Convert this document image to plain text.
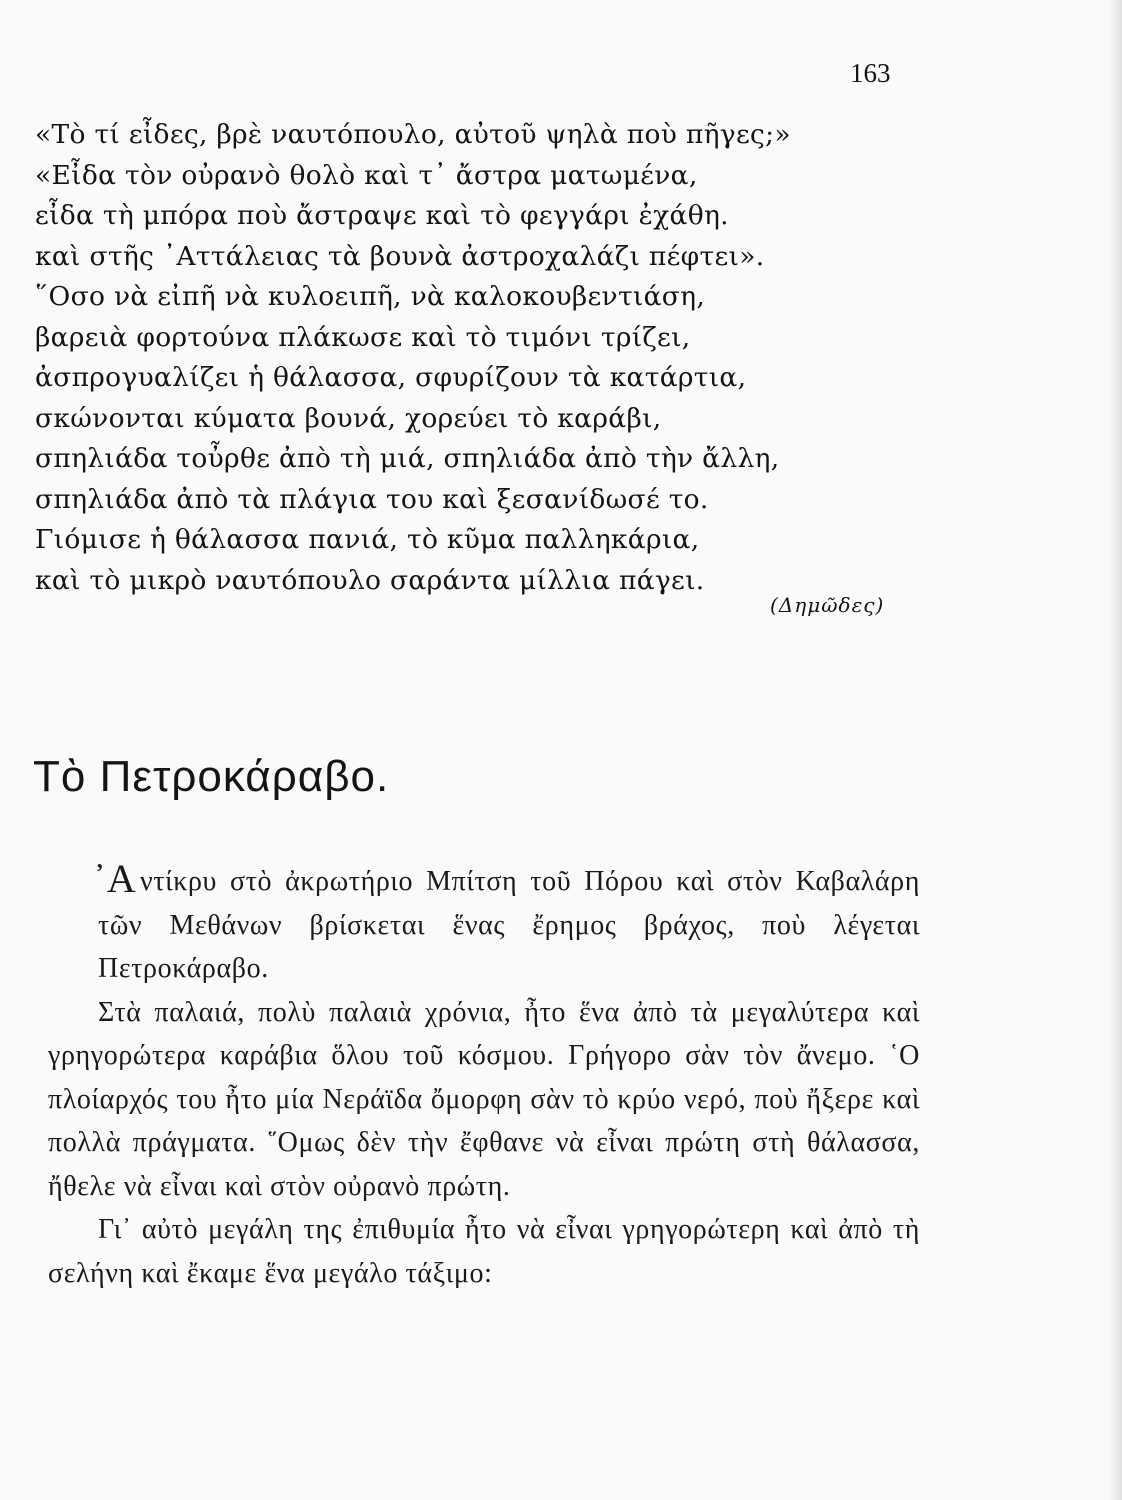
163
«Τὸ τί εἶδες, βρὲ ναυτόπουλο, αὐτοῦ ψηλὰ ποὺ πῆγες;»
«Εἶδα τὸν οὐρανὸ θολὸ καὶ τ᾿ ἄστρα ματωμένα,
εἶδα τὴ μπόρα ποὺ ἄστραψε καὶ τὸ φεγγάρι ἐχάθη.
καὶ στῆς ᾿Αττάλειας τὰ βουνὰ ἀστροχαλάζι πέφτει».
῞Οσο νὰ εἰπῆ νὰ κυλοειπῆ, νὰ καλοκουβεντιάση,
βαρειὰ φορτούνα πλάκωσε καὶ τὸ τιμόνι τρίζει,
ἀσπρογυαλίζει ἡ θάλασσα, σφυρίζουν τὰ κατάρτια,
σκώνονται κύματα βουνά, χορεύει τὸ καράβι,
σπηλιάδα τοὖρθε ἀπὸ τὴ μιά, σπηλιάδα ἀπὸ τὴν ἄλλη,
σπηλιάδα ἀπὸ τὰ πλάγια του καὶ ξεσανίδωσέ το.
Γιόμισε ἡ θάλασσα πανιά, τὸ κῦμα παλληκάρια,
καὶ τὸ μικρὸ ναυτόπουλο σαράντα μίλλια πάγει.
(Δημῶδες)
Τὸ Πετροκάραβο.

᾿Α ντίκρυ στὸ ἀκρωτήριο Μπίτση τοῦ Πόρου καὶ στὸν Καβαλάρη τῶν Μεθάνων βρίσκεται ἕνας ἔρημος βράχος, ποὺ λέγεται Πετροκάραβο.

Στὰ παλαιά, πολὺ παλαιὰ χρόνια, ἦτο ἕνα ἀπὸ τὰ μεγαλύτερα καὶ γρηγορώτερα καράβια ὅλου τοῦ κόσμου. Γρήγορο σὰν τὸν ἄνεμο. ῾Ο πλοίαρχός του ἦτο μία Νεράϊδα ὄμορφη σὰν τὸ κρύο νερό, ποὺ ἤξερε καὶ πολλὰ πράγματα. ῞Ομως δὲν τὴν ἔφθανε νὰ εἶναι πρώτη στὴ θάλασσα, ἤθελε νὰ εἶναι καὶ στὸν οὐρανὸ πρώτη.

Γι᾿ αὐτὸ μεγάλη της ἐπιθυμία ἦτο νὰ εἶναι γρηγορώτερη καὶ ἀπὸ τὴ σελήνη καὶ ἔκαμε ἕνα μεγάλο τάξιμο:
